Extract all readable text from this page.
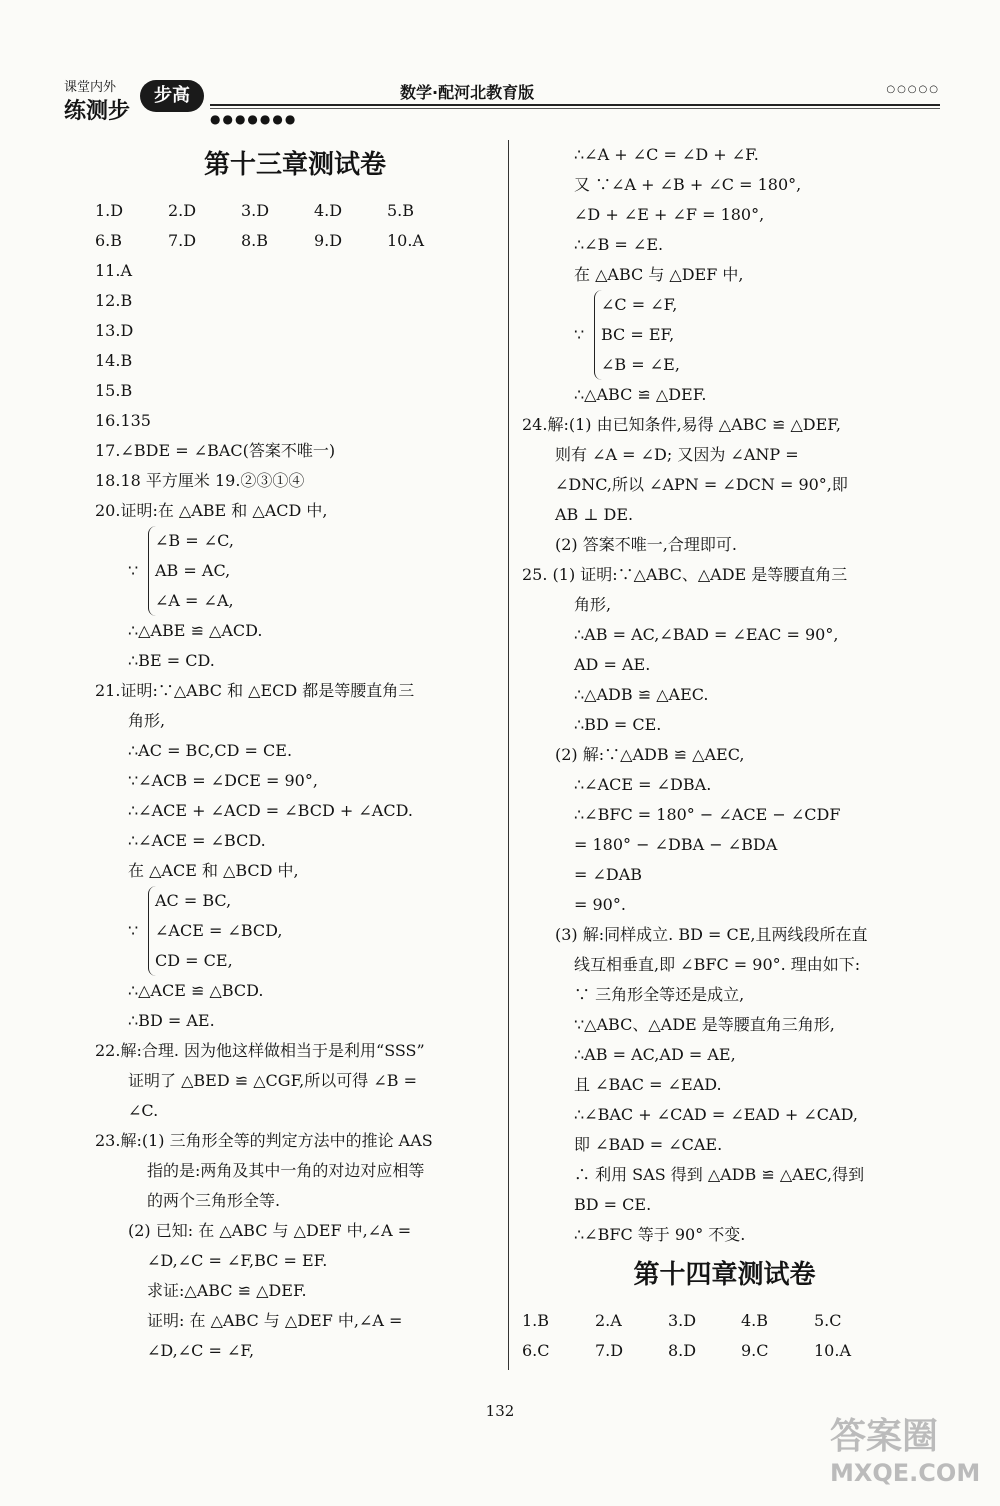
课堂内外
练测步
步高	数学·配河北教育版	○○○○○
●●●●●●●
第十三章测试卷
1.D	2.D	3.D	4.D	5.B
6.B	7.D	8.B	9.D	10.A
11.A
12.B
13.D
14.B
15.B
16.135
17.∠BDE = ∠BAC(答案不唯一)
18.18 平方厘米 19.②③①④
20.证明:在 △ABE 和 △ACD 中,
∵
∠B = ∠C,
AB = AC,
∠A = ∠A,
∴△ABE ≌ △ACD.
∴BE = CD.
21.证明:∵△ABC 和 △ECD 都是等腰直角三
角形,
∴AC = BC,CD = CE.
∵∠ACB = ∠DCE = 90°,
∴∠ACE + ∠ACD = ∠BCD + ∠ACD.
∴∠ACE = ∠BCD.
在 △ACE 和 △BCD 中,
∵
AC = BC,
∠ACE = ∠BCD,
CD = CE,
∴△ACE ≌ △BCD.
∴BD = AE.
22.解:合理. 因为他这样做相当于是利用“SSS”
证明了 △BED ≌ △CGF,所以可得 ∠B =
∠C.
23.解:(1) 三角形全等的判定方法中的推论 AAS
指的是:两角及其中一角的对边对应相等
的两个三角形全等.
(2) 已知: 在 △ABC 与 △DEF 中,∠A =
∠D,∠C = ∠F,BC = EF.
求证:△ABC ≌ △DEF.
证明: 在 △ABC 与 △DEF 中,∠A =
∠D,∠C = ∠F,
∴∠A + ∠C = ∠D + ∠F.
又 ∵∠A + ∠B + ∠C = 180°,
∠D + ∠E + ∠F = 180°,
∴∠B = ∠E.
在 △ABC 与 △DEF 中,
∵
∠C = ∠F,
BC = EF,
∠B = ∠E,
∴△ABC ≌ △DEF.
24.解:(1) 由已知条件,易得 △ABC ≌ △DEF,
则有 ∠A = ∠D; 又因为 ∠ANP =
∠DNC,所以 ∠APN = ∠DCN = 90°,即
AB ⊥ DE.
(2) 答案不唯一,合理即可.
25. (1) 证明:∵△ABC、△ADE 是等腰直角三
角形,
∴AB = AC,∠BAD = ∠EAC = 90°,
AD = AE.
∴△ADB ≌ △AEC.
∴BD = CE.
(2) 解:∵△ADB ≌ △AEC,
∴∠ACE = ∠DBA.
∴∠BFC = 180° − ∠ACE − ∠CDF
= 180° − ∠DBA − ∠BDA
= ∠DAB
= 90°.
(3) 解:同样成立. BD = CE,且两线段所在直
线互相垂直,即 ∠BFC = 90°. 理由如下:
∵ 三角形全等还是成立,
∵△ABC、△ADE 是等腰直角三角形,
∴AB = AC,AD = AE,
且 ∠BAC = ∠EAD.
∴∠BAC + ∠CAD = ∠EAD + ∠CAD,
即 ∠BAD = ∠CAE.
∴ 利用 SAS 得到 △ADB ≌ △AEC,得到
BD = CE.
∴∠BFC 等于 90° 不变.
第十四章测试卷
1.B	2.A	3.D	4.B	5.C
6.C	7.D	8.D	9.C	10.A
132
答案圈
MXQE.COM
